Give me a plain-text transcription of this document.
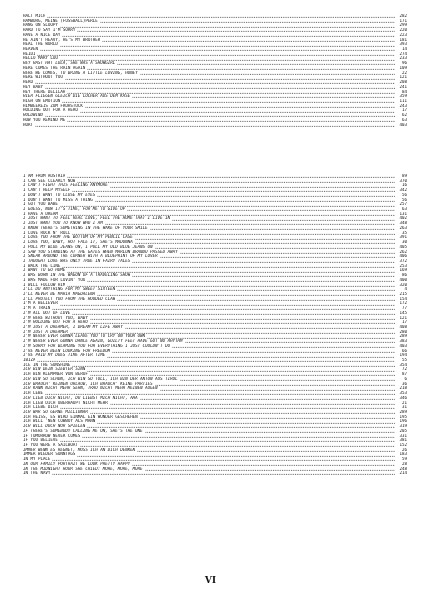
HALT MICH	282
HAMBURG, MEINE (FUSSBALL)PERLE	171
HANG ON SLOOPY	299
HARD TO SAY I'M SORRY	220
HAVE A NICE DAY	223
HE AIN'T HEAVY, HE'S MY BROTHER	181
HEAL THE WORLD	393
HEAVEN	14
HEIDI	274
HELLO MARY LOU	233
HEY HAST HAT LOLA, SHE WAS A SHOWGIRL	96
HERE COMES THE RAIN AGAIN	109
HERE WE COMES, TO BRING A LITTLE LOVING, HONEY	22
HERE WITHOUT YOU	121
HERO	208
HEY BABY	241
HEY THERE DELILAH	84
HIER FLIEGEN GLEICH DIE LÖCHER AUS DEM KÄSE	359
HIGH ON EMOTION	111
HIMBEEREIS ZUM FRÜHSTÜCK	243
HOLDING OUT FOR A HERO	17
HOLDWIND	62
HOW YOU REMIND ME	63
HURT	403
I AM FROM AUSTRIA	89
I CAN SEE CLEARLY NOW	370
I CAN'T FIGHT THIS FEELING ANYMORE	16
I CAN'T HELP MYSELF	342
I DON'T WANT TO CLOSE MY EYES	56
I DON'T WANT TO MISS A THING	56
I GOT YOU BABE	257
I GUESS, NOW IT'S TIME, FOR ME TO GIVE UP	63
I HAVE A DREAM	131
I JUST WANT TO FEEL REAL LOVE, FEEL THE HOME THAT I LIVE IN	402
I JUST WANT YOU TO KNOW WHO I AM	348
I KNOW THERE'S SOMETHING IN THE WAKE OF YOUR SMILE	263
I LOVE ROCK N' ROLL	35
I LOVE YOU FROM THE BOTTOM OF MY PENCIL CASE	391
I LOVE YOU, BABY, HOT FACE IT, SHE'S MADONNA	30
I PULL MY BLUE JEANS ON, I PULL MY OLD BLUE JEANS ON	405
I SAW YOU STANDING AT THE GATES WHEN MARLON BRANDO PASSED AWAY	262
I SNEAK AROUND THE CORNER WITH A BLUEPRINT OF MY LOVER	406
I THOUGHT LOVE WAS ONLY TRUE IN FAIRY TALES	372
I WALK THE LINE	253
I WANT TO GO HOME	169
I WAS BORN IN THE WAGON OF A TRAVELING SHOW	86
I WAS MADE FOR LOVIN' YOU	400
I WILL FOLLOW HIM	320
I'LL DO ANYTHING FOR MY SWEET SIXTEEN	4
I'LL NEVER BE MARIA MAGDALENA	215
I'LL PROTECT YOU FROM THE HOODED CLAW	154
I'M A BELIEVER	172
I'M A TRAIN	77
I'M ALL OUT OF LOVE	145
I'M HERE WITHOUT YOU, BABY	121
I'M HOLDING OUT FOR A HERO	17
I'M JUST A DREAMER, I DREAM MY LIFE AWAY	408
I'M JUST A DREAMER	280
I'M NEVER EVER GONNA LEAVE YOU TO CRY ON YOUR OWN	289
I'M NEVER EVER GONNA DANCE AGAIN, GUILTY FEET HAVE GOT NO RHYTHM	383
I'M SORRY FOR BLAMING YOU FOR EVERYTHING I JUST COULDN'T DO	403
I'VE NEVER BEEN LOOKING FOR FREEDOM	66
I'VE PAID MY DUES TIME AFTER TIME	194
IBIZA	55
ICE IN THE SUNSHINE	354
ICH BIN DEIN SIEBTER SINN	72
ICH BIN KLEMPNER VON BERUF	87
ICH BIN SO SCHÖN, ICH BIN SO TOLL, ICH BIN DER ANTON AUS TIROL	6
ICH BRAUCH' KEINEN URLAUB, ICH BRAUCH' KEINE PARTIES	36
ICH KANN NICHT MEHR SEHN, TRAU NICHT MEHR MEINEN AUGEN	218
ICH LEBE	353
ICH LIEB DICH NICHT, DU LIEBST MICH NICHT, AHA	346
ICH LIEB DICH ÜBERHAUPT NICHT MEHR	21
ICH LIEBE DICH	31
ICH WÄR SO GERNE MILLIONÄR	289
ICH HEISS, ES WIRD EINMAL EIN WUNDER GESCHEHEN	195
ICH WILL 'NEN COWBOY ALS MANN	196
ICH WILL DOCH NUR SPIELEN	319
IF THERE'S SOMEBODY CALLING ME ON, SHE'S THE ONE	205
IF TOMORROW NEVER COMES	331
IF YOU BELIEVE	381
IF YOU WERE A SAILBOAT	152
IMMER WENN ES REGNET, MUSS ICH AN DICH DENKEN	26
IMMER WIEDER SONNTAGS	183
IN MY PLACE	59
IN OUR FAMILY PORTRAIT WE LOOK PRETTY HAPPY	28
IN THE MIDNIGHT HOUR SHE CRIED: MORE, MORE, MORE	248
IN THE NAVY	214
VI
